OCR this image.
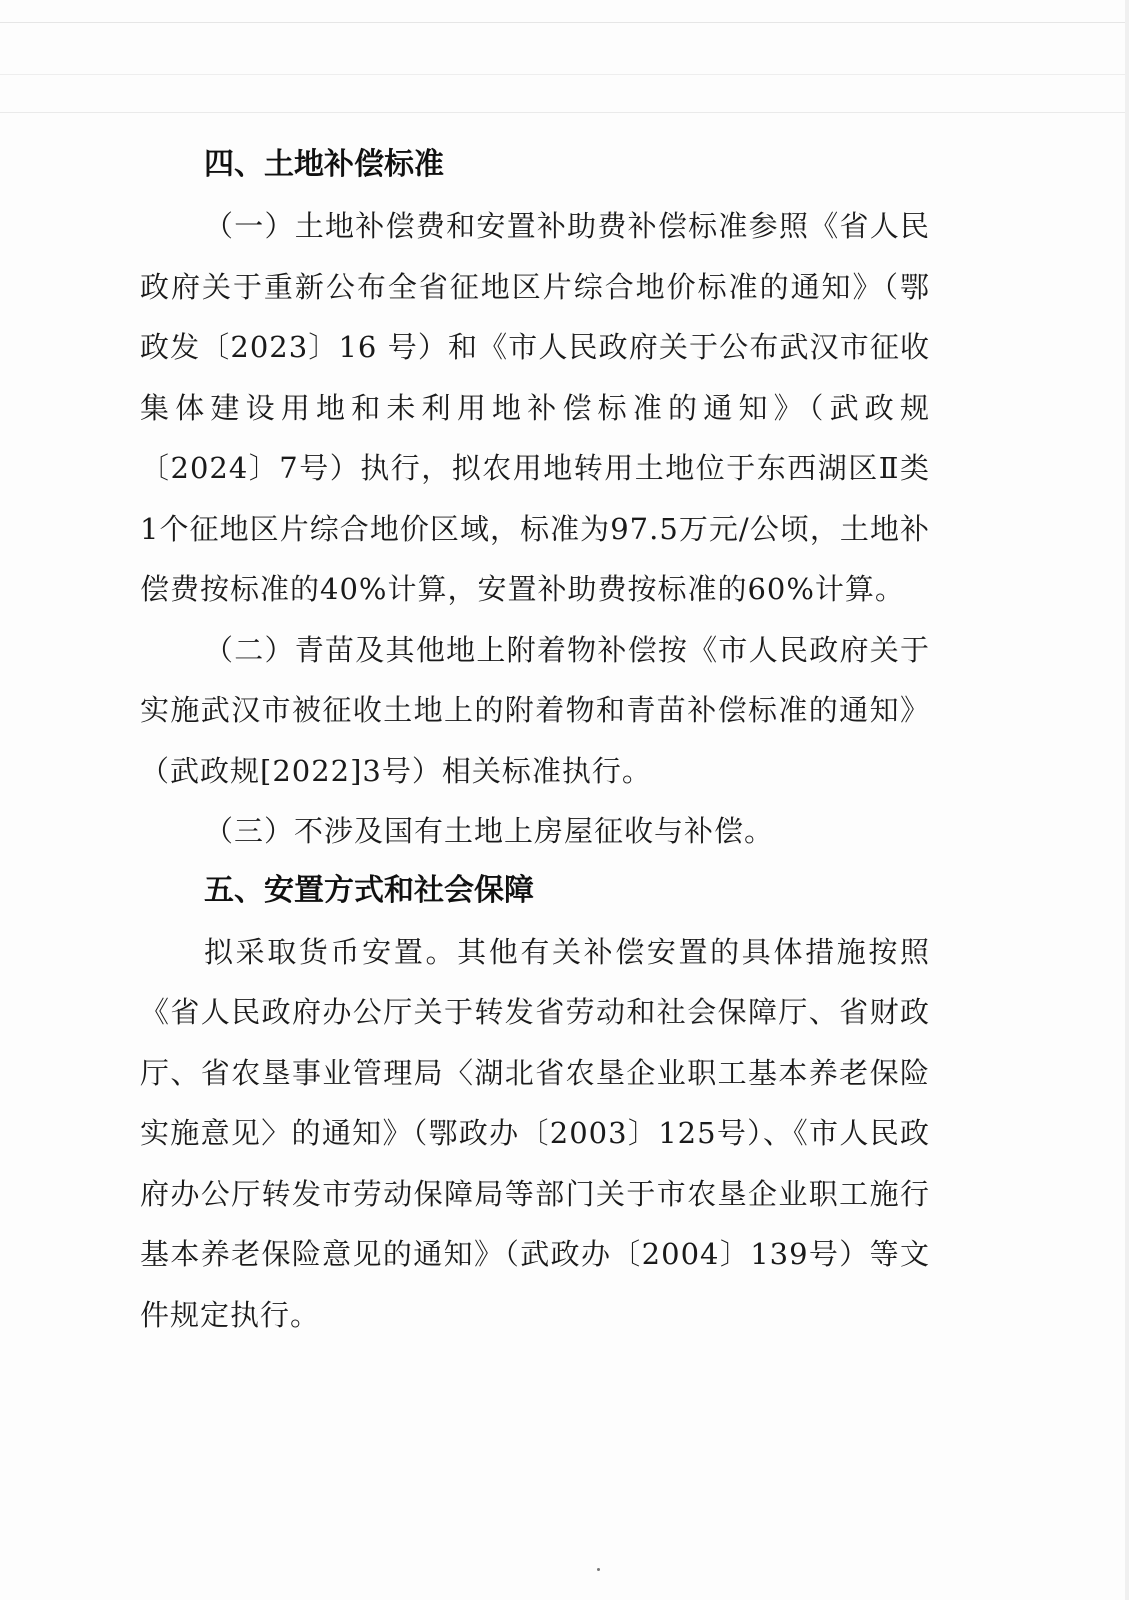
四、土地补偿标准

（一）土地补偿费和安置补助费补偿标准参照《省人民政府关于重新公布全省征地区片综合地价标准的通知》（鄂政发〔2023〕16 号）和《市人民政府关于公布武汉市征收集体建设用地和未利用地补偿标准的通知》（武政规〔2024〕7号）执行，拟农用地转用土地位于东西湖区Ⅱ类1个征地区片综合地价区域，标准为97.5万元/公顷，土地补偿费按标准的40%计算，安置补助费按标准的60%计算。

（二）青苗及其他地上附着物补偿按《市人民政府关于实施武汉市被征收土地上的附着物和青苗补偿标准的通知》（武政规[2022]3号）相关标准执行。

（三）不涉及国有土地上房屋征收与补偿。

五、安置方式和社会保障

拟采取货币安置。其他有关补偿安置的具体措施按照《省人民政府办公厅关于转发省劳动和社会保障厅、省财政厅、省农垦事业管理局〈湖北省农垦企业职工基本养老保险实施意见〉的通知》（鄂政办〔2003〕125号）、《市人民政府办公厅转发市劳动保障局等部门关于市农垦企业职工施行基本养老保险意见的通知》（武政办〔2004〕139号）等文件规定执行。
